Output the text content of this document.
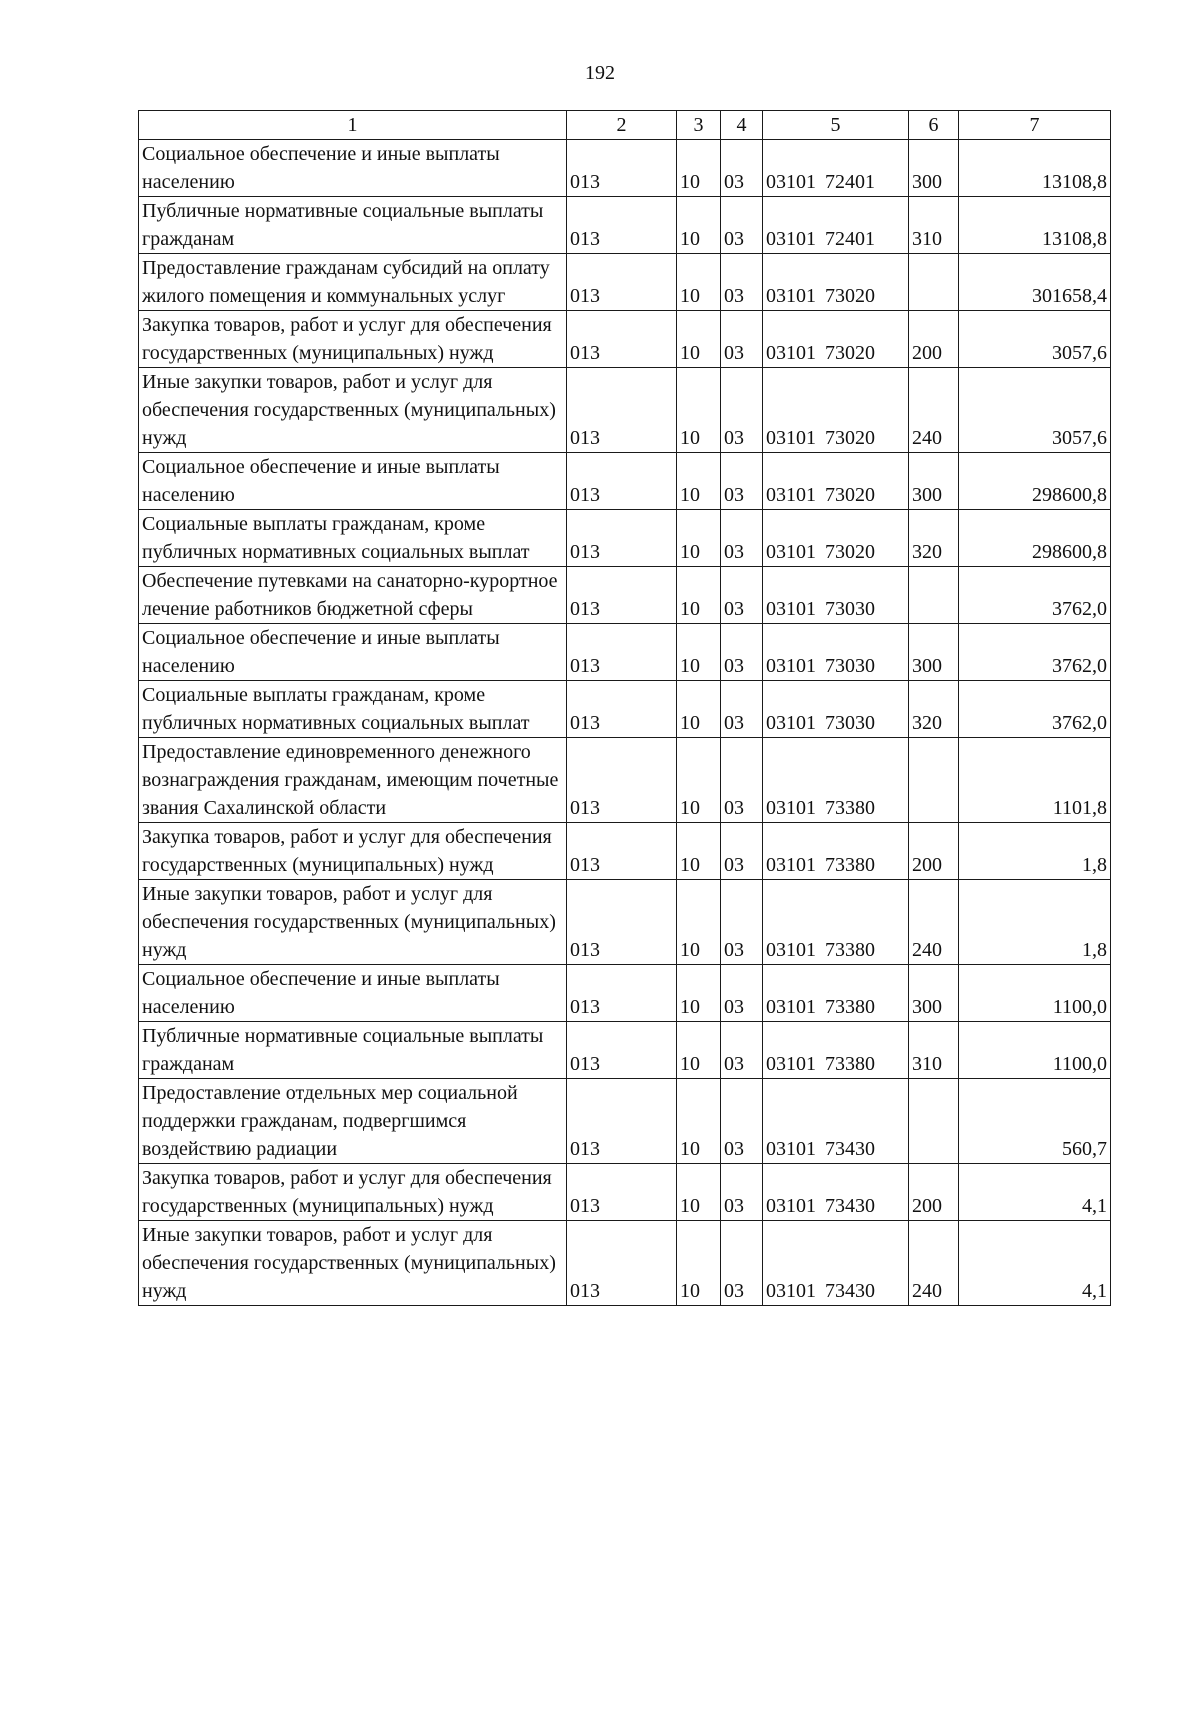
192
1	2	3	4	5	6	7
Социальное обеспечение и иные выплаты населению	013	10	03	03101 72401	300	13108,8
Публичные нормативные социальные выплаты гражданам	013	10	03	03101 72401	310	13108,8
Предоставление гражданам субсидий на оплату жилого помещения и коммунальных услуг	013	10	03	03101 73020		301658,4
Закупка товаров, работ и услуг для обеспечения государственных (муниципальных) нужд	013	10	03	03101 73020	200	3057,6
Иные закупки товаров, работ и услуг для обеспечения государственных (муниципальных) нужд	013	10	03	03101 73020	240	3057,6
Социальное обеспечение и иные выплаты населению	013	10	03	03101 73020	300	298600,8
Социальные выплаты гражданам, кроме публичных нормативных социальных выплат	013	10	03	03101 73020	320	298600,8
Обеспечение путевками на санаторно-курортное лечение работников бюджетной сферы	013	10	03	03101 73030		3762,0
Социальное обеспечение и иные выплаты населению	013	10	03	03101 73030	300	3762,0
Социальные выплаты гражданам, кроме публичных нормативных социальных выплат	013	10	03	03101 73030	320	3762,0
Предоставление единовременного денежного вознаграждения гражданам, имеющим почетные звания Сахалинской области	013	10	03	03101 73380		1101,8
Закупка товаров, работ и услуг для обеспечения государственных (муниципальных) нужд	013	10	03	03101 73380	200	1,8
Иные закупки товаров, работ и услуг для обеспечения государственных (муниципальных) нужд	013	10	03	03101 73380	240	1,8
Социальное обеспечение и иные выплаты населению	013	10	03	03101 73380	300	1100,0
Публичные нормативные социальные выплаты гражданам	013	10	03	03101 73380	310	1100,0
Предоставление отдельных мер социальной поддержки гражданам, подвергшимся воздействию радиации	013	10	03	03101 73430		560,7
Закупка товаров, работ и услуг для обеспечения государственных (муниципальных) нужд	013	10	03	03101 73430	200	4,1
Иные закупки товаров, работ и услуг для обеспечения государственных (муниципальных) нужд	013	10	03	03101 73430	240	4,1
